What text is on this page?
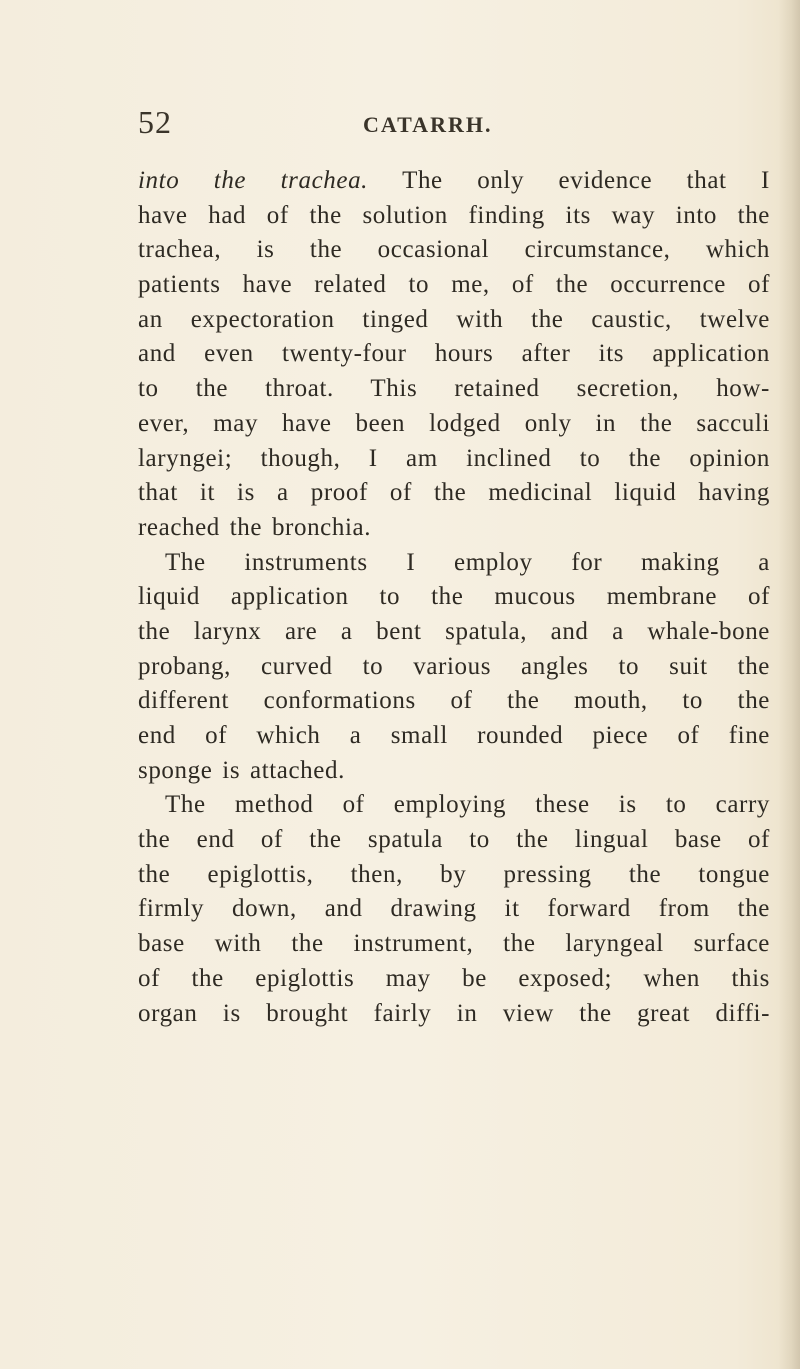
52	CATARRH.
into the trachea. The only evidence that I
have had of the solution finding its way into the
trachea, is the occasional circumstance, which
patients have related to me, of the occurrence of
an expectoration tinged with the caustic, twelve
and even twenty-four hours after its application
to the throat. This retained secretion, how-
ever, may have been lodged only in the sacculi
laryngei; though, I am inclined to the opinion
that it is a proof of the medicinal liquid having
reached the bronchia.
The instruments I employ for making a
liquid application to the mucous membrane of
the larynx are a bent spatula, and a whale-bone
probang, curved to various angles to suit the
different conformations of the mouth, to the
end of which a small rounded piece of fine
sponge is attached.
The method of employing these is to carry
the end of the spatula to the lingual base of
the epiglottis, then, by pressing the tongue
firmly down, and drawing it forward from the
base with the instrument, the laryngeal surface
of the epiglottis may be exposed; when this
organ is brought fairly in view the great diffi-
